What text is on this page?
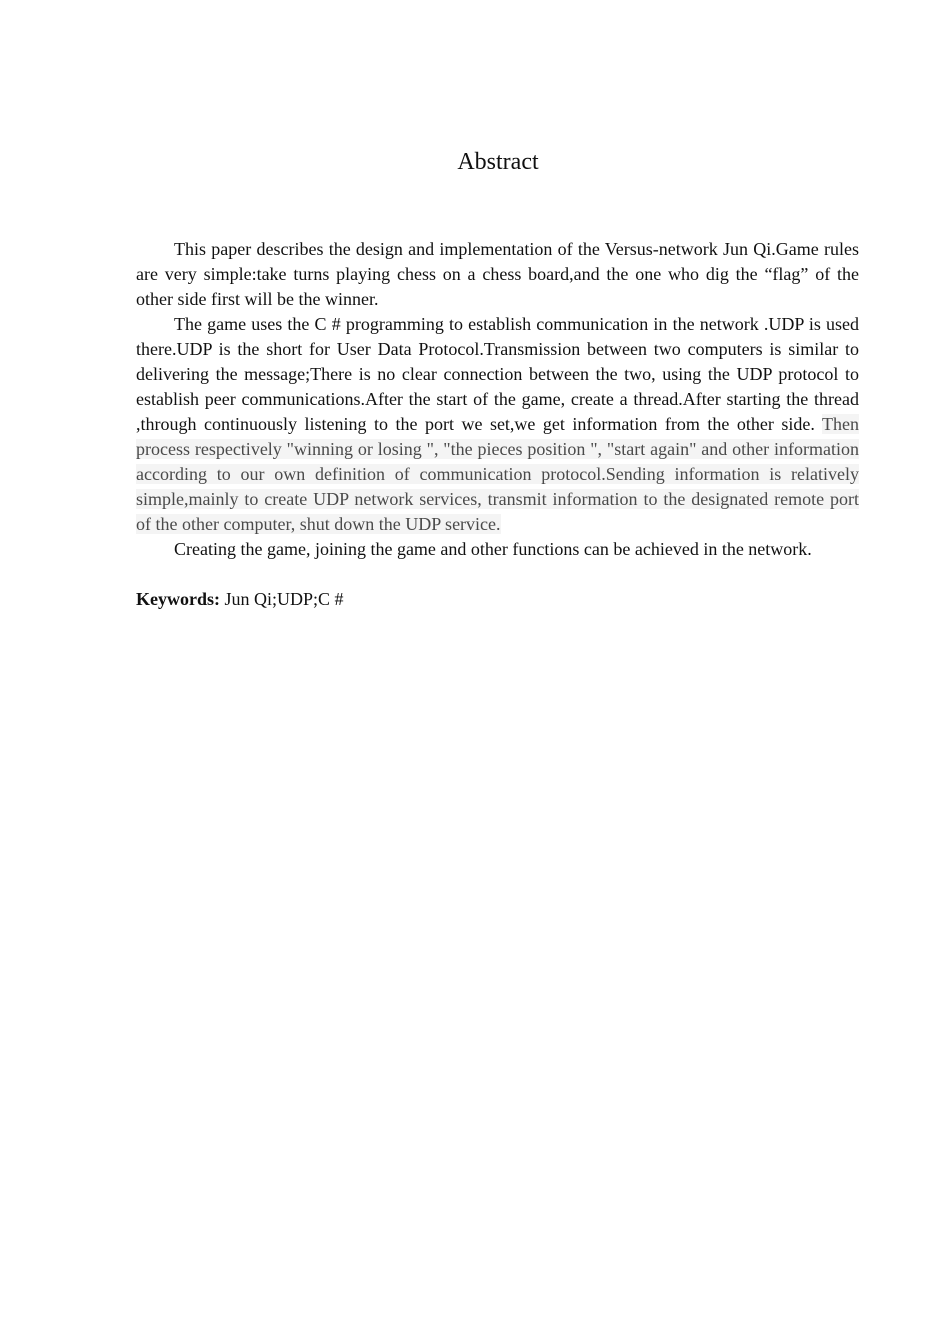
Abstract

This paper describes the design and implementation of the Versus-network Jun Qi.Game rules are very simple:take turns playing chess on a chess board,and the one who dig the “flag” of the other side first will be the winner.

The game uses the C # programming to establish communication in the network .UDP is used there.UDP is the short for User Data Protocol.Transmission between two computers is similar to delivering the message;There is no clear connection between the two, using the UDP protocol to establish peer communications.After the start of the game, create a thread.After starting the thread ,through continuously listening to the port we set,we get information from the other side. Then process respectively "winning or losing ", "the pieces position ", "start again" and other information according to our own definition of communication protocol.Sending information is relatively simple,mainly to create UDP network services, transmit information to the designated remote port of the other computer, shut down the UDP service.

Creating the game, joining the game and other functions can be achieved in the network.

Keywords: Jun Qi;UDP;C #
